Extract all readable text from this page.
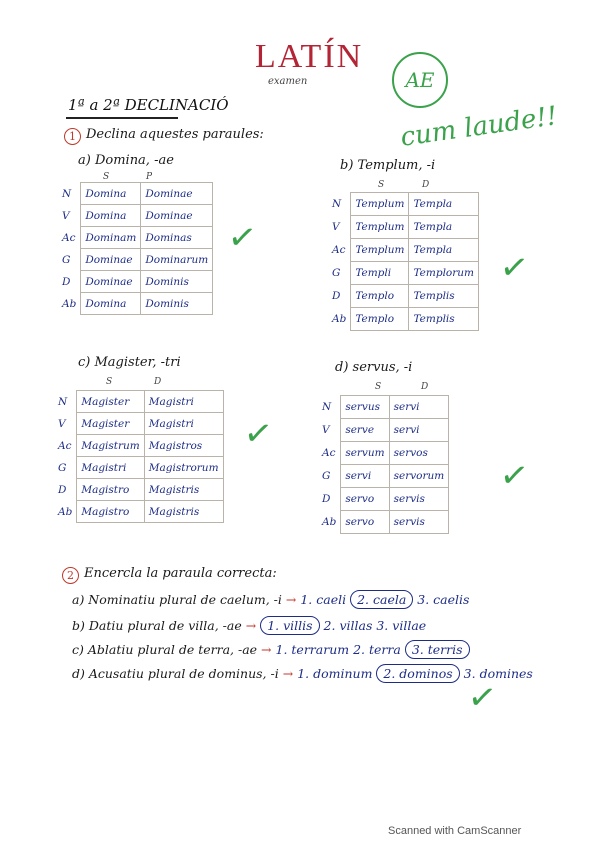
LATÍN
examen	AE
cum laude!!
1ª a 2ª DECLINACIÓ
1 Declina aquestes paraules:
a) Domina, -ae
S	P
N	Domina	Dominae
V	Domina	Dominae
Ac	Dominam	Dominas
G	Dominae	Dominarum
D	Dominae	Dominis
Ab	Domina	Dominis
b) Templum, -i
S	D
N	Templum	Templa
V	Templum	Templa
Ac	Templum	Templa
G	Templi	Templorum
D	Templo	Templis
Ab	Templo	Templis
c) Magister, -tri
S	D
N	Magister	Magistri
V	Magister	Magistri
Ac	Magistrum	Magistros
G	Magistri	Magistrorum
D	Magistro	Magistris
Ab	Magistro	Magistris
d) servus, -i
S	D
N	servus	servi
V	serve	servi
Ac	servum	servos
G	servi	servorum
D	servo	servis
Ab	servo	servis
✓
✓
✓
✓
2 Encercla la paraula correcta:
a) Nominatiu plural de caelum, -i → 1. caeli 2. caela 3. caelis
b) Datiu plural de villa, -ae → 1. villis 2. villas 3. villae
c) Ablatiu plural de terra, -ae → 1. terrarum 2. terra 3. terris
d) Acusatiu plural de dominus, -i → 1. dominum 2. dominos 3. domines
✓
Scanned with CamScanner
